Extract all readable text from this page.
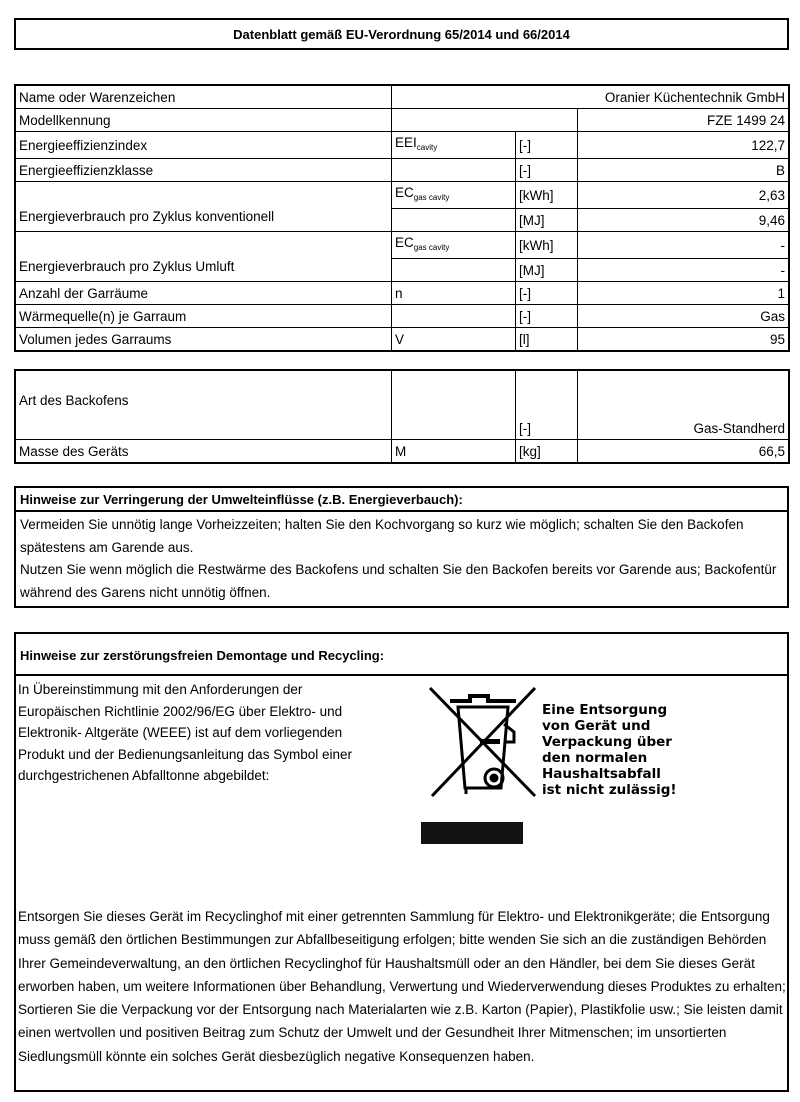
Datenblatt gemäß EU-Verordnung 65/2014 und 66/2014
Name oder Warenzeichen	Oranier Küchentechnik GmbH		
Modellkennung			FZE 1499 24
Energieeffizienzindex	$EEI_{cavity}$	[-]	122,7
Energieeffizienzklasse		[-]	B
Energieverbrauch pro Zyklus konventionell	$EC_{gas cavity}$	[kWh]	2,63
		[MJ]	9,46
Energieverbrauch pro Zyklus Umluft	$EC_{gas cavity}$	[kWh]	-
		[MJ]	-
Anzahl der Garräume	n	[-]	1
Wärmequelle(n) je Garraum		[-]	Gas
Volumen jedes Garraums	V	[l]	95
Art des Backofens		[-]	Gas-Standherd
Masse des Geräts	M	[kg]	66,5
Hinweise zur Verringerung der Umwelteinflüsse (z.B. Energieverbauch):
Vermeiden Sie unnötig lange Vorheizzeiten; halten Sie den Kochvorgang so kurz wie möglich; schalten Sie den Backofen spätestens am Garende aus.
Nutzen Sie wenn möglich die Restwärme des Backofens und schalten Sie den Backofen bereits vor Garende aus; Backofentür während des Garens nicht unnötig öffnen.
Hinweise zur zerstörungsfreien Demontage und Recycling:
In Übereinstimmung mit den Anforderungen der Europäischen Richtlinie 2002/96/EG über Elektro- und Elektronik- Altgeräte (WEEE) ist auf dem vorliegenden Produkt und der Bedienungsanleitung das Symbol einer durchgestrichenen Abfalltonne abgebildet:
Eine Entsorgung
von Gerät und
Verpackung über
den normalen
Haushaltsabfall
ist nicht zulässig!
Entsorgen Sie dieses Gerät im Recyclinghof mit einer getrennten Sammlung für Elektro- und Elektronikgeräte; die Entsorgung muss gemäß den örtlichen Bestimmungen zur Abfallbeseitigung erfolgen; bitte wenden Sie sich an die zuständigen Behörden Ihrer Gemeindeverwaltung, an den örtlichen Recyclinghof für Haushaltsmüll oder an den Händler, bei dem Sie dieses Gerät erworben haben, um weitere Informationen über Behandlung, Verwertung und Wiederverwendung dieses Produktes zu erhalten; Sortieren Sie die Verpackung vor der Entsorgung nach Materialarten wie z.B. Karton (Papier), Plastikfolie usw.; Sie leisten damit einen wertvollen und positiven Beitrag zum Schutz der Umwelt und der Gesundheit Ihrer Mitmenschen; im unsortierten Siedlungsmüll könnte ein solches Gerät diesbezüglich negative Konsequenzen haben.
